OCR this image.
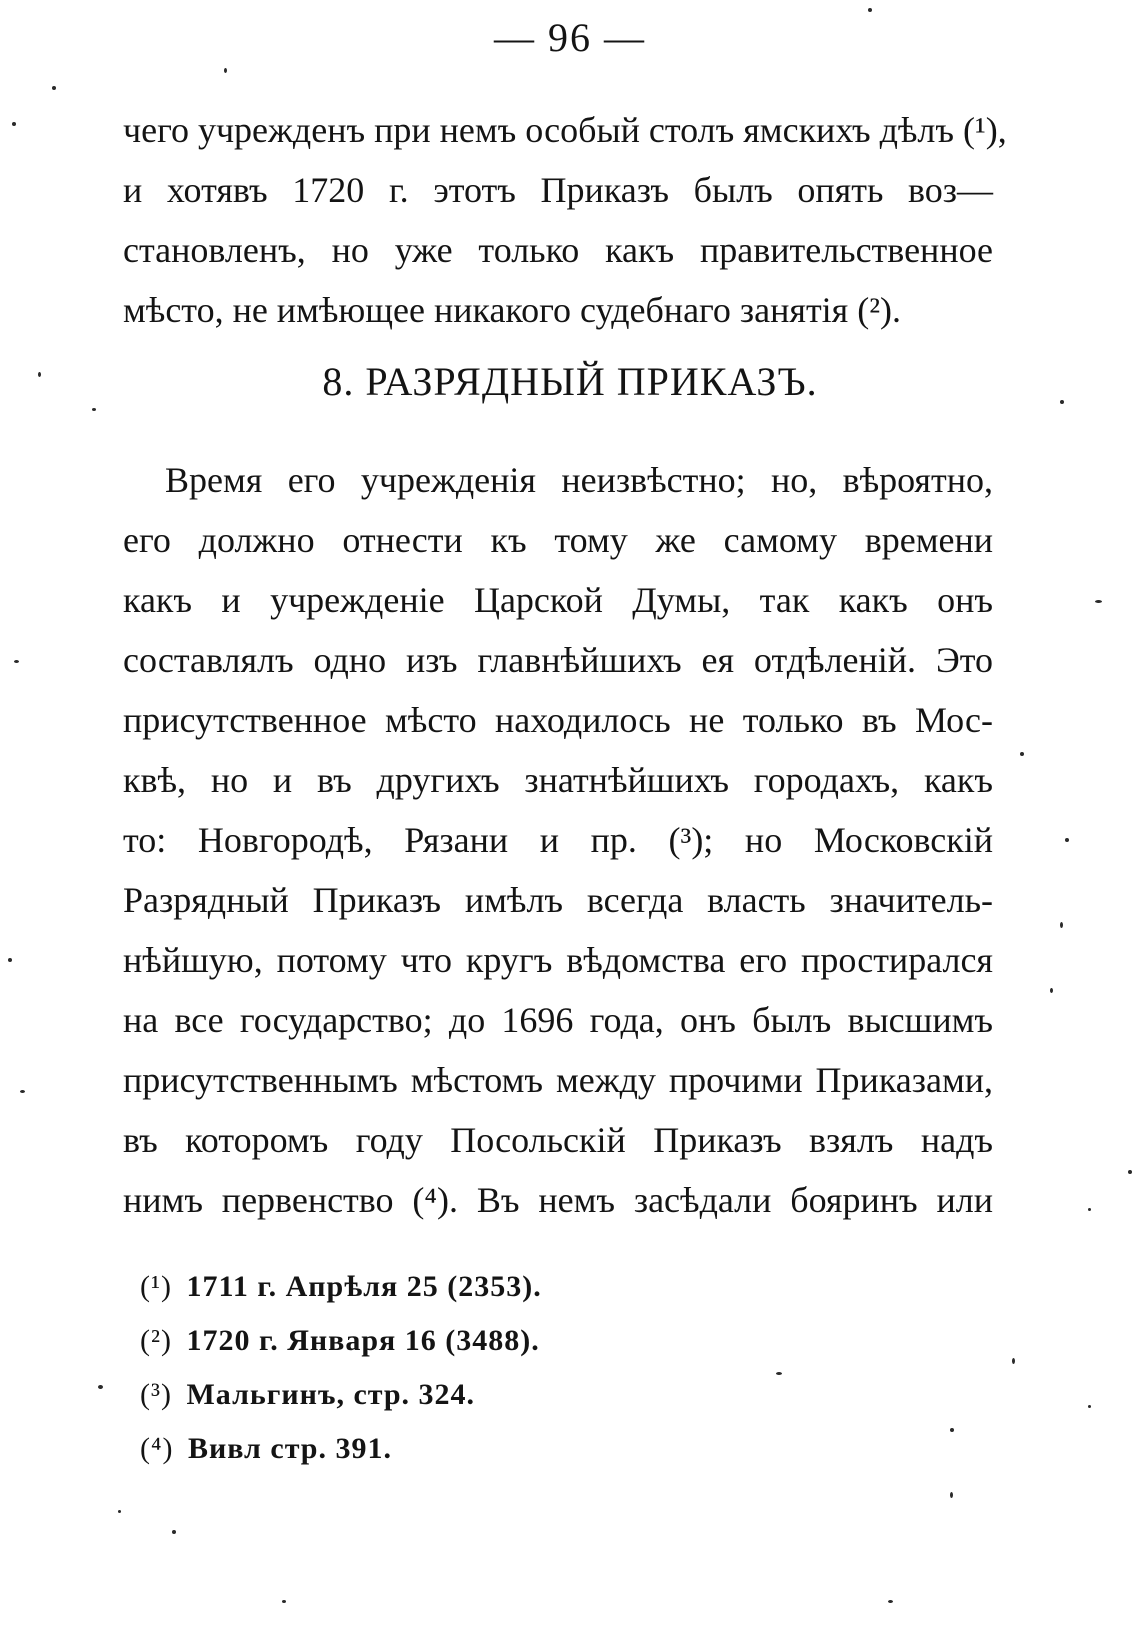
— 96 —
чего учрежденъ при немъ особый столъ ямскихъ дѣлъ (¹),
и хотявъ 1720 г. этотъ Приказъ былъ опять воз—
становленъ, но уже только какъ правительственное
мѣсто, не имѣющее никакого судебнаго занятія (²).
8. РАЗРЯДНЫЙ ПРИКАЗЪ.
Время его учрежденія неизвѣстно; но, вѣроятно,
его должно отнести къ тому же самому времени
какъ и учрежденіе Царской Думы, так какъ онъ
составлялъ одно изъ главнѣйшихъ ея отдѣленій. Это
присутственное мѣсто находилось не только въ Мос-
квѣ, но и въ другихъ знатнѣйшихъ городахъ, какъ
то: Новгородѣ, Рязани и пр. (³); но Московскій
Разрядный Приказъ имѣлъ всегда власть значитель-
нѣйшую, потому что кругъ вѣдомства его простирался
на все государство; до 1696 года, онъ былъ высшимъ
присутственнымъ мѣстомъ между прочими Приказами,
въ которомъ году Посольскій Приказъ взялъ надъ
нимъ первенство (⁴). Въ немъ засѣдали бояринъ или
(¹) 1711 г. Апрѣля 25 (2353).
(²) 1720 г. Января 16 (3488).
(³) Мальгинъ, стр. 324.
(⁴) Вивл стр. 391.
